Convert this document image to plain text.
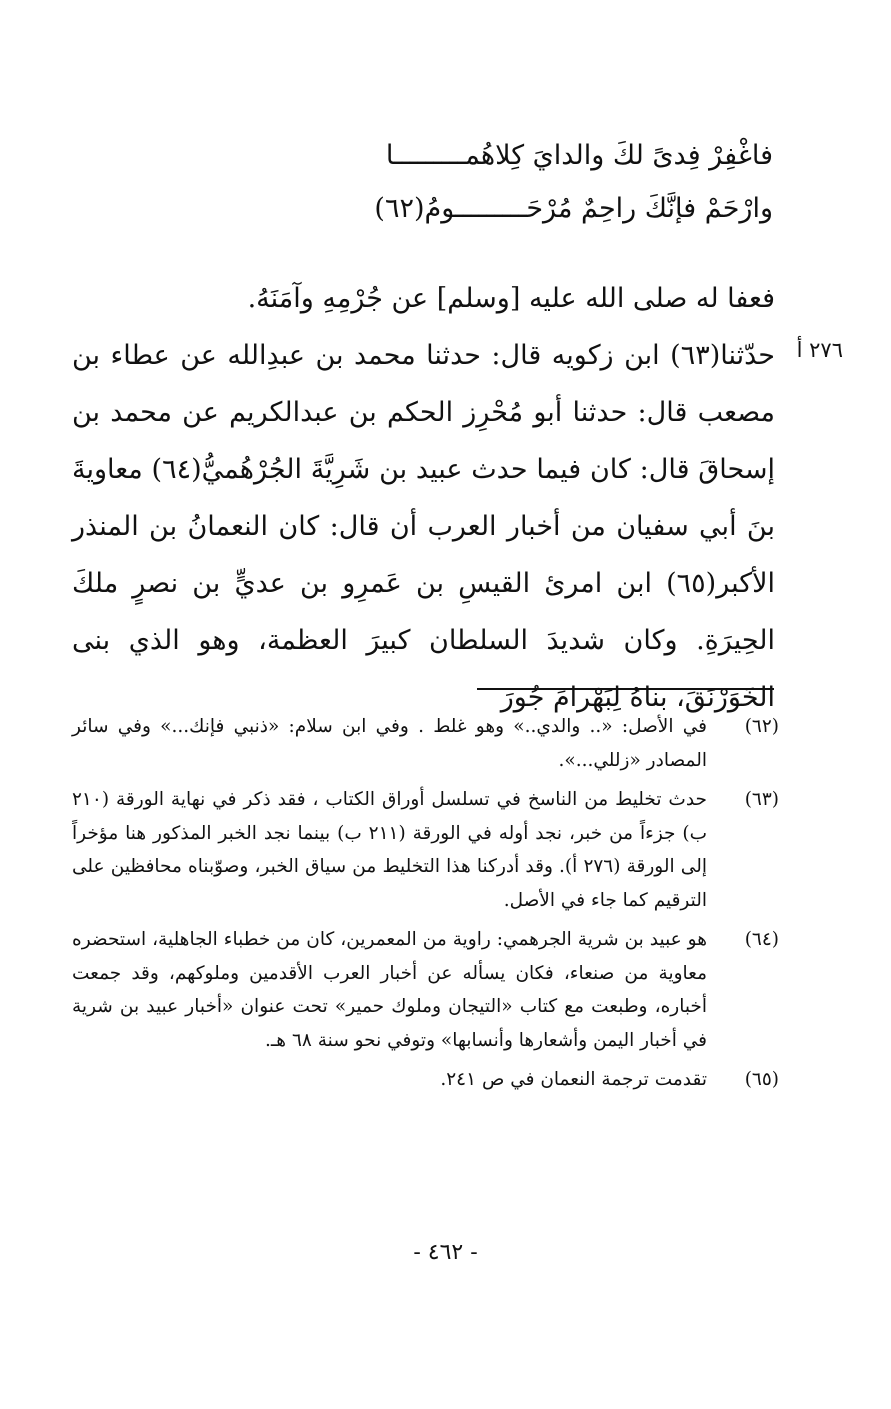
فاغْفِرْ فِدىً لكَ والدايَ كِلاهُمـــــــــا
وارْحَمْ فإنَّكَ راحِمٌ مُرْحَـــــــــومُ(٦٢)

فعفا له صلى الله عليه [وسلم] عن جُرْمِهِ وآمَنَهُ.

حدّثنا(٦٣) ابن زكويه قال: حدثنا محمد بن عبدِالله عن عطاء بن مصعب قال: حدثنا أبو مُحْرِز الحكم بن عبدالكريم عن محمد بن إسحاقَ قال: كان فيما حدث عبيد بن شَرِيَّةَ الجُرْهُميُّ(٦٤) معاويةَ بنَ أبي سفيان من أخبار العرب أن قال: كان النعمانُ بن المنذر الأكبر(٦٥) ابن امرئ القيسِ بن عَمرِو بن عديٍّ بن نصرٍ ملكَ الحِيرَةِ. وكان شديدَ السلطان كبيرَ العظمة، وهو الذي بنى الخَوَرْنَقَ، بناهُ لِبَهْرامَ جُورَ

٢٧٦ أ
(٦٢)
في الأصل: «.. والدي..» وهو غلط . وفي ابن سلام: «ذنبي فإنك...» وفي سائر المصادر «زللي...».
(٦٣)
حدث تخليط من الناسخ في تسلسل أوراق الكتاب ، فقد ذكر في نهاية الورقة (٢١٠ ب) جزءاً من خبر، نجد أوله في الورقة (٢١١ ب) بينما نجد الخبر المذكور هنا مؤخراً إلى الورقة (٢٧٦ أ). وقد أدركنا هذا التخليط من سياق الخبر، وصوّبناه محافظين على الترقيم كما جاء في الأصل.
(٦٤)
هو عبيد بن شرية الجرهمي: راوية من المعمرين، كان من خطباء الجاهلية، استحضره معاوية من صنعاء، فكان يسأله عن أخبار العرب الأقدمين وملوكهم، وقد جمعت أخباره، وطبعت مع كتاب «التيجان وملوك حمير» تحت عنوان «أخبار عبيد بن شرية في أخبار اليمن وأشعارها وأنسابها» وتوفي نحو سنة ٦٨ هـ.
(٦٥)
تقدمت ترجمة النعمان في ص ٢٤١.
- ٤٦٢ -
